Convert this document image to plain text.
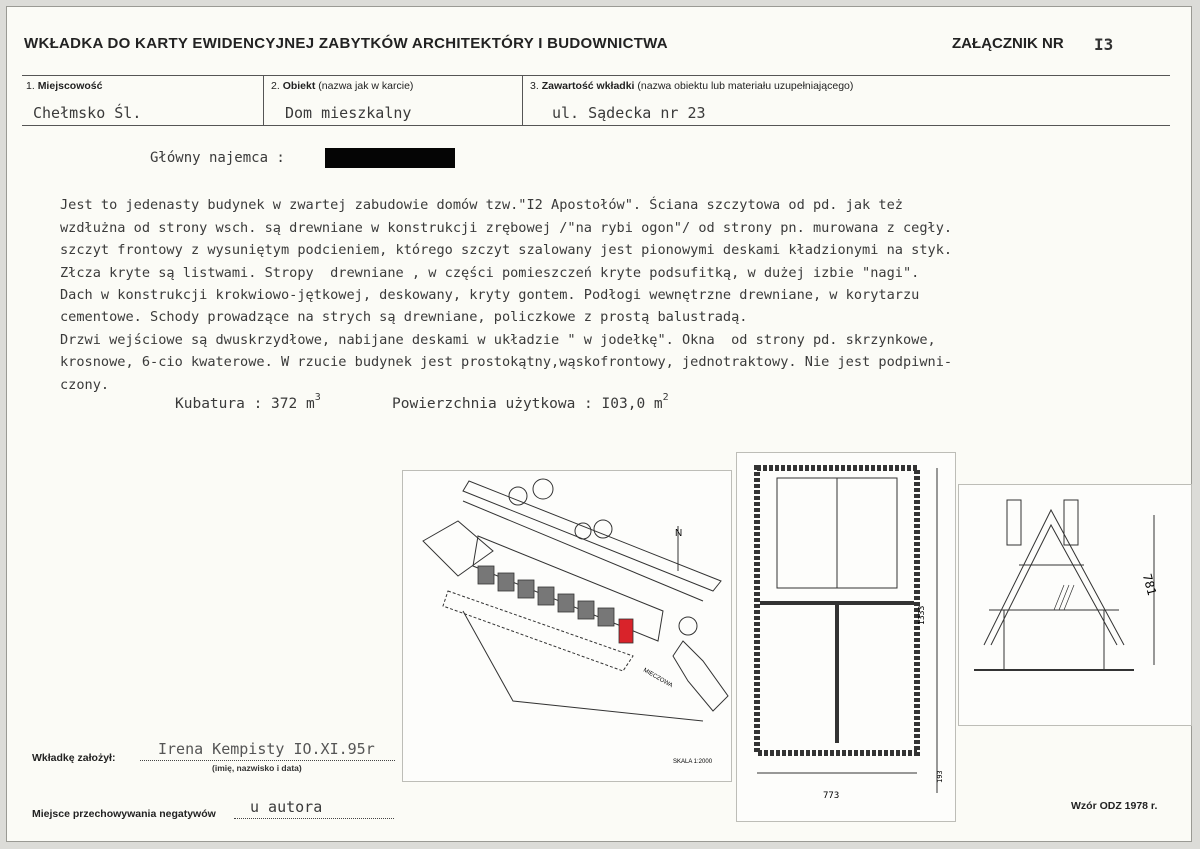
WKŁADKA DO KARTY EWIDENCYJNEJ ZABYTKÓW ARCHITEKTÓRY I BUDOWNICTWA	ZAŁĄCZNIK NR I3
1. Miejscowość	2. Obiekt (nazwa jak w karcie)	3. Zawartość wkładki (nazwa obiektu lub materiału uzupełniającego)
Chełmsko Śl.	Dom mieszkalny	ul. Sądecka nr 23
Główny najemca :

Jest to jedenasty budynek w zwartej zabudowie domów tzw."I2 Apostołów". Ściana szczytowa od pd. jak też
wzdłużna od strony wsch. są drewniane w konstrukcji zrębowej /"na rybi ogon"/ od strony pn. murowana z cegły.
szczyt frontowy z wysuniętym podcieniem, którego szczyt szalowany jest pionowymi deskami kładzionymi na styk.
Złcza kryte są listwami. Stropy  drewniane , w części pomieszczeń kryte podsufitką, w dużej izbie "nagi".
Dach w konstrukcji krokwiowo-jętkowej, deskowany, kryty gontem. Podłogi wewnętrzne drewniane, w korytarzu
cementowe. Schody prowadzące na strych są drewniane, policzkowe z prostą balustradą.
Drzwi wejściowe są dwuskrzydłowe, nabijane deskami w układzie " w jodełkę". Okna  od strony pd. skrzynkowe,
krosnowe, 6-cio kwaterowe. W rzucie budynek jest prostokątny,wąskofrontowy, jednotraktowy. Nie jest podpiwni-
czony.

Kubatura : 372 $m^3$	Powierzchnia użytkowa : I03,0 $m^2$
N
MIECZOWA
SKALA 1:2000
1333
193
773
781
Wkładkę założył:	Irena Kempisty IO.XI.95r
(imię, nazwisko i data)
Miejsce przechowywania negatywów u autora	Wzór ODZ 1978 r.
